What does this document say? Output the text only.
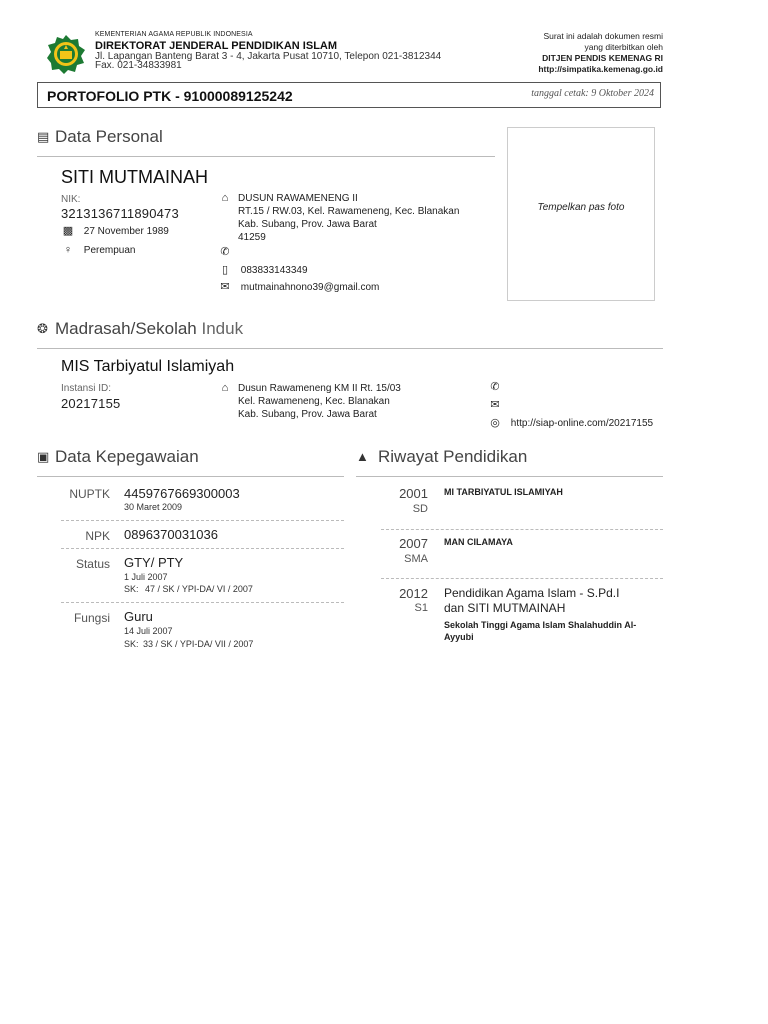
KEMENTERIAN AGAMA REPUBLIK INDONESIA
DIREKTORAT JENDERAL PENDIDIKAN ISLAM
Jl. Lapangan Banteng Barat 3 - 4, Jakarta Pusat 10710, Telepon 021-3812344
Fax. 021-34833981
Surat ini adalah dokumen resmi
yang diterbitkan oleh
DITJEN PENDIS KEMENAG RI
http://simpatika.kemenag.go.id
PORTOFOLIO PTK - 91000089125242	tanggal cetak: 9 Oktober 2024
▤ Data Personal
Tempelkan pas foto
SITI MUTMAINAH
NIK:
3213136711890473
▩ 27 November 1989
♀ Perempuan
⌂ DUSUN RAWAMENENG II
RT.15 / RW.03, Kel. Rawameneng, Kec. Blanakan
Kab. Subang, Prov. Jawa Barat
41259
✆
▯ 083833143349
✉ mutmainahnono39@gmail.com
❂ Madrasah/Sekolah Induk
MIS Tarbiyatul Islamiyah
Instansi ID:
20217155
⌂ Dusun Rawameneng KM II Rt. 15/03
Kel. Rawameneng, Kec. Blanakan
Kab. Subang, Prov. Jawa Barat
✆
✉
◎ http://siap-online.com/20217155
▣ Data Kepegawaian
NUPTK 4459767669300003
30 Maret 2009
NPK 0896370031036
Status GTY/ PTY
1 Juli 2007
SK: 47 / SK / YPI-DA/ VI / 2007
Fungsi Guru
14 Juli 2007
SK: 33 / SK / YPI-DA/ VII / 2007
▲ Riwayat Pendidikan
2001
SD
MI TARBIYATUL ISLAMIYAH
2007
SMA
MAN CILAMAYA
2012
S1
Pendidikan Agama Islam - S.Pd.I
dan SITI MUTMAINAH
Sekolah Tinggi Agama Islam Shalahuddin Al-
Ayyubi
